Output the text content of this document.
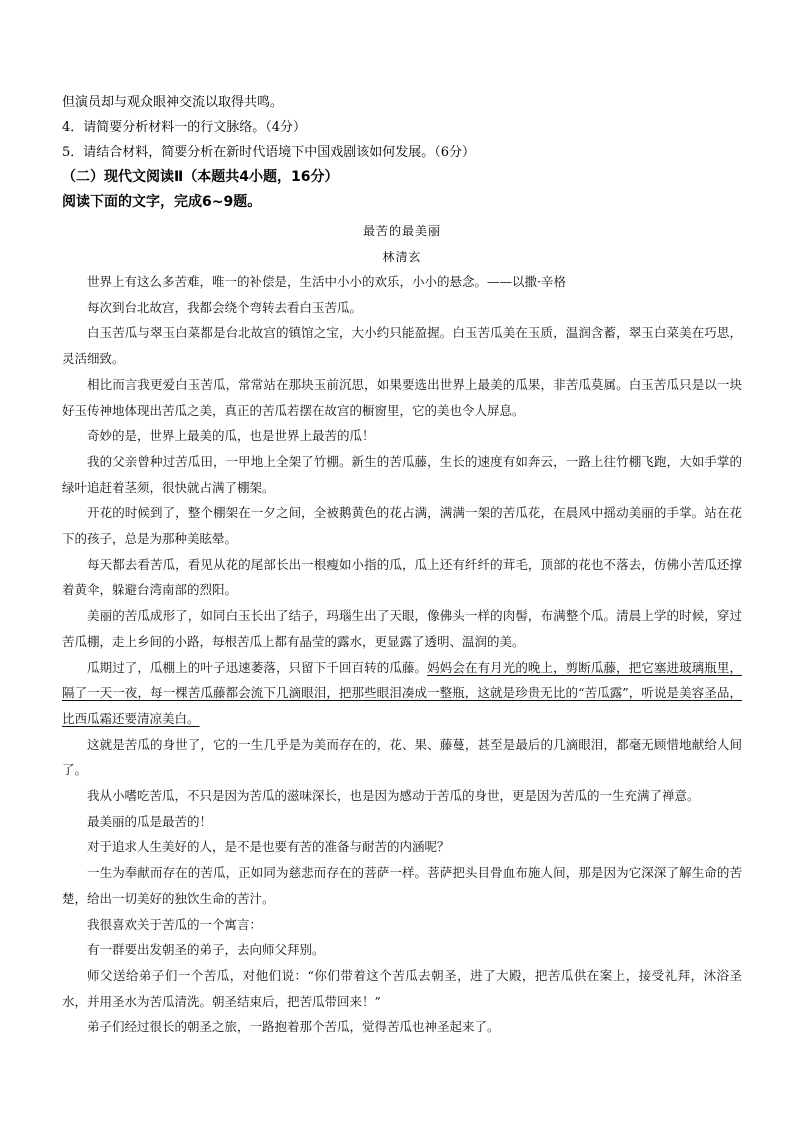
但演员却与观众眼神交流以取得共鸣。
4．请简要分析材料一的行文脉络。（4分）
5．请结合材料，简要分析在新时代语境下中国戏剧该如何发展。（6分）
（二）现代文阅读Ⅱ（本题共4小题，16分）
阅读下面的文字，完成6~9题。
最苦的最美丽
林清玄

世界上有这么多苦难，唯一的补偿是，生活中小小的欢乐，小小的悬念。——以撒·辛格

每次到台北故宫，我都会绕个弯转去看白玉苦瓜。

白玉苦瓜与翠玉白菜都是台北故宫的镇馆之宝，大小约只能盈握。白玉苦瓜美在玉质，温润含蓄，翠玉白菜美在巧思，灵活细致。

相比而言我更爱白玉苦瓜，常常站在那块玉前沉思，如果要选出世界上最美的瓜果，非苦瓜莫属。白玉苦瓜只是以一块好玉传神地体现出苦瓜之美，真正的苦瓜若摆在故宫的橱窗里，它的美也令人屏息。

奇妙的是，世界上最美的瓜，也是世界上最苦的瓜！

我的父亲曾种过苦瓜田，一甲地上全架了竹棚。新生的苦瓜藤，生长的速度有如奔云，一路上往竹棚飞跑，大如手掌的绿叶追赶着茎须，很快就占满了棚架。

开花的时候到了，整个棚架在一夕之间，全被鹅黄色的花占满，满满一架的苦瓜花，在晨风中摇动美丽的手掌。站在花下的孩子，总是为那种美眩晕。

每天都去看苦瓜，看见从花的尾部长出一根瘦如小指的瓜，瓜上还有纤纤的茸毛，顶部的花也不落去，仿佛小苦瓜还撑着黄伞，躲避台湾南部的烈阳。

美丽的苦瓜成形了，如同白玉长出了结子，玛瑙生出了天眼，像佛头一样的肉髻，布满整个瓜。清晨上学的时候，穿过苦瓜棚，走上乡间的小路，每根苦瓜上都有晶莹的露水，更显露了透明、温润的美。

瓜期过了，瓜棚上的叶子迅速萎落，只留下千回百转的瓜藤。妈妈会在有月光的晚上，剪断瓜藤，把它塞进玻璃瓶里，隔了一天一夜，每一棵苦瓜藤都会流下几滴眼泪，把那些眼泪凑成一整瓶，这就是珍贵无比的“苦瓜露”，听说是美容圣品，比西瓜霜还要清凉美白。

这就是苦瓜的身世了，它的一生几乎是为美而存在的，花、果、藤蔓，甚至是最后的几滴眼泪，都毫无顾惜地献给人间了。

我从小嗜吃苦瓜，不只是因为苦瓜的滋味深长，也是因为感动于苦瓜的身世，更是因为苦瓜的一生充满了禅意。

最美丽的瓜是最苦的！

对于追求人生美好的人，是不是也要有苦的准备与耐苦的内涵呢？

一生为奉献而存在的苦瓜，正如同为慈悲而存在的菩萨一样。菩萨把头目骨血布施人间，那是因为它深深了解生命的苦楚，给出一切美好的独饮生命的苦汁。

我很喜欢关于苦瓜的一个寓言：

有一群要出发朝圣的弟子，去向师父拜别。

师父送给弟子们一个苦瓜，对他们说：“你们带着这个苦瓜去朝圣，进了大殿，把苦瓜供在案上，接受礼拜，沐浴圣水，并用圣水为苦瓜清洗。朝圣结束后，把苦瓜带回来！”

弟子们经过很长的朝圣之旅，一路抱着那个苦瓜，觉得苦瓜也神圣起来了。
